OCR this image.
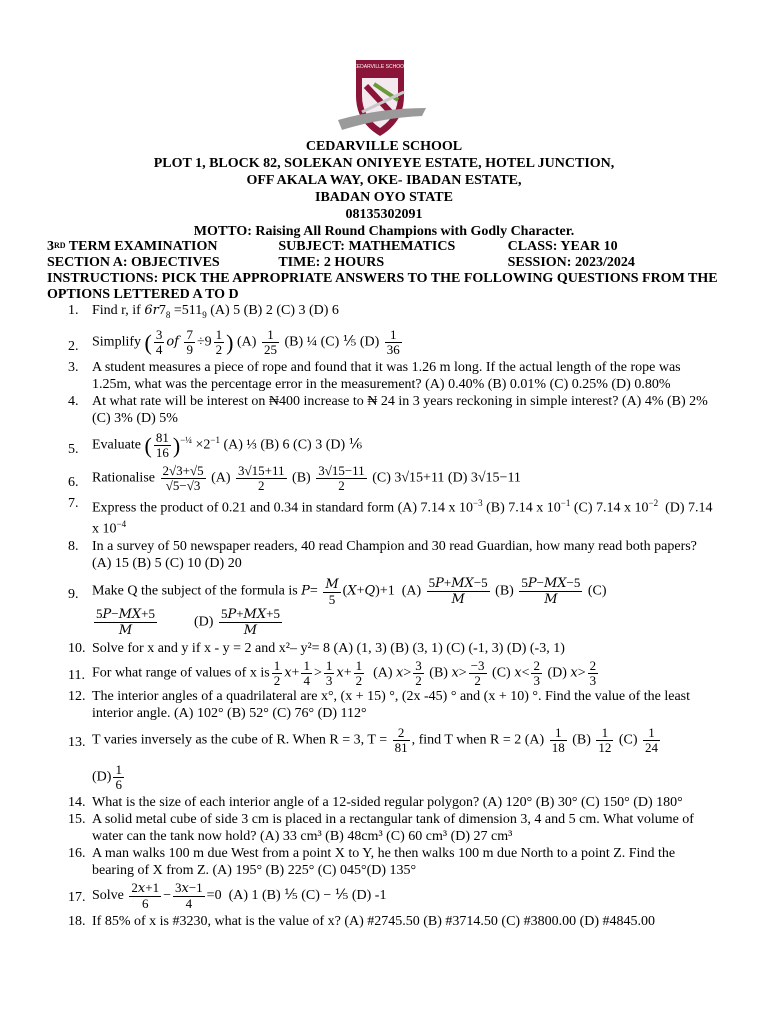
CEDARVILLE SCHOOL
CEDARVILLE SCHOOL
PLOT 1, BLOCK 82, SOLEKAN ONIYEYE ESTATE, HOTEL JUNCTION,
OFF AKALA WAY, OKE- IBADAN ESTATE,
IBADAN OYO STATE
08135302091
MOTTO: Raising All Round Champions with Godly Character.
3RD TERM EXAMINATION	SUBJECT: MATHEMATICS	CLASS: YEAR 10
SECTION A: OBJECTIVES	TIME: 2 HOURS	SESSION: 2023/2024
INSTRUCTIONS: PICK THE APPROPRIATE ANSWERS TO THE FOLLOWING QUESTIONS FROM THE OPTIONS LETTERED A TO D
1. Find r, if $6r7_8 =511_9$ (A) 5 (B) 2 (C) 3 (D) 6
2. Simplify ( $\frac{3}{4}$ of $\frac{7}{9} \div 9 \frac{1}{2}$ ) $(A) \frac{1}{25} (B)$ ¼ (C) ⅕ $(D) \frac{1}{36}$
3. A student measures a piece of rope and found that it was 1.26 m long. If the actual length of the rope was 1.25m, what was the percentage error in the measurement? (A) 0.40% (B) 0.01% (C) 0.25% (D) 0.80%
4. At what rate will be interest on ₦400 increase to ₦ 24 in 3 years reckoning in simple interest? (A) 4% (B) 2% (C) 3% (D) 5%
5. Evaluate ( $\frac{81}{16} )^{-\frac{1}{4}} \times 2^{-1}$ (A) ⅓ (B) 6 (C) 3 (D) ⅙
6. Rationalise $\frac{2√3+√5}{√5-√3} (A) \frac{3√15+11}{2} (B) \frac{3√15-11}{2} (C)$ 3√15+11 (D) 3√15−11
7. Express the product of 0.21 and 0.34 in standard form (A) 7.14 x $10^{-3}$ (B) 7.14 x $10^{-1}$ (C) 7.14 x $10^{-2}$ (D) 7.14 x $10^{-4}$
8. In a survey of 50 newspaper readers, 40 read Champion and 30 read Guardian, how many read both papers? (A) 15 (B) 5 (C) 10 (D) 20
9. Make Q the subject of the formula is $P= \frac{M}{5} (X+Q)+1$  $(A) \frac{5P+MX-5}{M} (B) \frac{5P-MX-5}{M} (C)$

$\frac{5P-MX+5}{M}$	$(D) \frac{5P+MX+5}{M}$
10. Solve for x and y if x - y = 2 and x²– y²= 8 (A) (1, 3) (B) (3, 1) (C) (-1, 3) (D) (-3, 1)
11. For what range of values of x is $\frac{1}{2} x+ \frac{1}{4} > \frac{1}{3} x+ \frac{1}{2} (A)$ $x> \frac{3}{2} (B)$ $x> \frac{-3}{2} (C)$ $x< \frac{2}{3} (D)$ $x> \frac{2}{3}$
12. The interior angles of a quadrilateral are x°, (x + 15) °, (2x -45) ° and (x + 10) °. Find the value of the least interior angle. (A) 102° (B) 52° (C) 76° (D) 112°
13. T varies inversely as the cube of R. When R = 3, $T = \frac{2}{81}$ , find T when R = 2 $(A) \frac{1}{18} (B) \frac{1}{12} (C) \frac{1}{24}$

$(D) \frac{1}{6}$
14. What is the size of each interior angle of a 12-sided regular polygon? (A) 120° (B) 30° (C) 150° (D) 180°
15. A solid metal cube of side 3 cm is placed in a rectangular tank of dimension 3, 4 and 5 cm. What volume of water can the tank now hold? (A) 33 cm³ (B) 48cm³ (C) 60 cm³ (D) 27 cm³
16. A man walks 100 m due West from a point X to Y, he then walks 100 m due North to a point Z. Find the bearing of X from Z. (A) 195° (B) 225° (C) 045°(D) 135°
17. Solve $\frac{2x+1}{6} - \frac{3x-1}{4} =0$  (A) 1 (B) ⅕ (C) − ⅕ (D) -1
18. If 85% of x is #3230, what is the value of x? (A) #2745.50 (B) #3714.50 (C) #3800.00 (D) #4845.00
